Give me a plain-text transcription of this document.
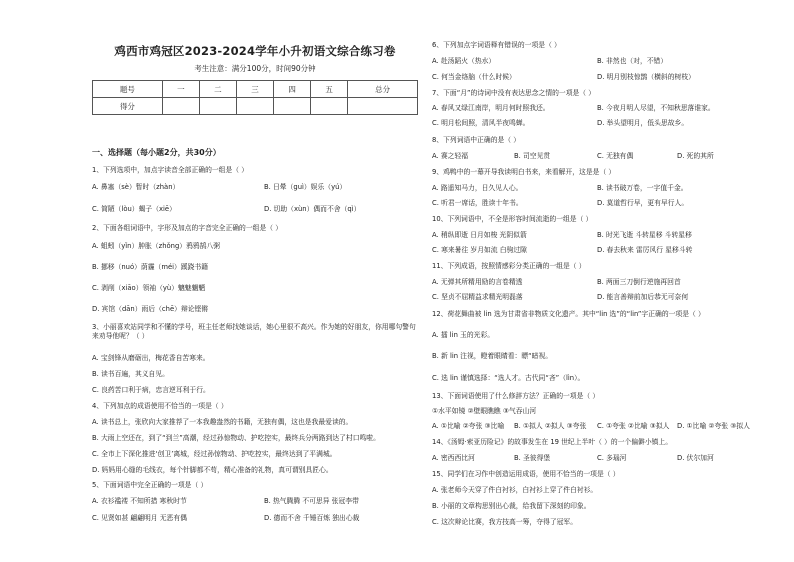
鸡西市鸡冠区2023-2024学年小升初语文综合练习卷
考生注意：满分100分，时间90分钟
题号	一	二	三	四	五	总分
得分						
一、选择题（每小题2分，共30分）
1、下列选项中，加点字读音全部正确的一组是（ ）
A. 鼻塞（sè）暂时（zhàn）	B. 日晕（guì）娱乐（yú）
C. 简陋（lòu）蝎子（xiē）	D. 切助（xùn）偶而不舍（qì）
2、下面各组词语中，字形及加点的字音完全正确的一组是（ ）
A. 蛆蚓（yǐn）肿胀（zhǒng）鸦鸦鹄八粥
B. 挪移（nuó）荫霾（méi）蹊跷书籍
C. 剥削（xiāo）领袖（yù）魑魅魍魉
D. 宾馆（dān）雨后（chē）辩论铿锵
3、小丽喜欢站同学和不懂的学号，班主任老师找她谈话，她心里很不高兴。作为她的好朋友，你用哪句警句来劝导他呢？（ ）
A. 宝剑锋从磨砺出，梅花香自苦寒来。
B. 读书百遍，其义自见。
C. 良药苦口利于病，忠言逆耳利于行。
4、下列加点的成语使用不恰当的一项是（ ）
A. 读书总上，张欣向大家推荐了一本我趣盎然的书籍，无独有偶，这也是我最爱读的。
B. 大雨上空还在，到了“到兰”高潮，经过孙惊物动、护吃控实，最终兵分两路到达了村口鸣啦。
C. 全市上下深化推进‘创卫’离城，经过孙惊物动、护吃控实，最终达到了平满城。
D. 妈妈用心缝的毛线衣，每个针脚都不苟，精心准备的礼物，真可谓别具匠心。
5、下面词语中完全正确的一项是（ ）
A. 衣衫褴褛 不知所措 寒秋时节	B. 热气腾腾 不可思异 张冠李带
C. 见贤如甚 翩翩明月 无恶有偶	D. 德而不舍 千锤百炼 独出心裁
6、下列加点字词语释有错误的一项是（ ）
A. 赴汤蹈火（热水）	B. 非然也（对，不错）
C. 何当金络脑（什么时候）	D. 明月别枝惊鹊（横斜的树枝）
7、下面“月”的诗词中没有表达思念之情的一项是（ ）
A. 春风又绿江南岸，明月何时照我还。	B. 今夜月明人尽望，不知秋思落谁家。
C. 明月松间照，清风半夜鸣蝉。	D. 举头望明月，低头思故乡。
8、下列词语中正确的是（ ）
A. 赛之轻福	B. 司空见贯	C. 无独有偶	D. 死的其所
9、鸡鸭中的一幕开导我读明白书来，来看解开，这是是（ ）
A. 路遥知马力，日久见人心。	B. 读书破万卷，一字值千金。
C. 听君一席话，胜读十年书。	D. 莫道哲行早，更有早行人。
10、下列词语中，不全是形容时间流逝的一组是（ ）
A. 稍纵即逝 日月如梭 光阴似箭	B. 时光飞逝 斗转星移 斗转星移
C. 寒来暑往 岁月如流 白驹过隙	D. 春去秋来 雷厉风行 星移斗转
11、下列成语，按照情感彩分类正确的一组是（ ）
A. 无弹其所精用励的言卷精透	B. 两面三刀倒行逆施再回首
C. 坚贞不屈精益求精光明磊落	D. 能言善辩前加后恭无可奈何
12、荷花舞曲被 lin 选为甘肃省非物质文化遗产。其中“lin 选”的“lin”字正确的一项是（ ）
A. 擂 lin 玉的光彩。
B. 新 lin 注视，瞪着眼睛看：瞟“暗视。
C. 选 lin 谨慎选择：“选人才。古代同“吝”（lìn）。
13、下面词语使用了什么修辞方法？正确的一项是（ ）
①水平如镜 ②壁眼瞧瞧 ③气吞山河
A. ①比喻 ②夸张 ③比喻 B. ①拟人 ②拟人 ③夸张 C. ①夸张 ②比喻 ③拟人 D. ①比喻 ②夸张 ③拟人
14、《汤姆·索亚历险记》的故事发生在 19 世纪上半叶（ ）的一个偏僻小镇上。
A. 密西西比河	B. 圣彼得堡	C. 多瑙河	D. 伏尔加河
15、同学们在习作中创造运用成语，使用不恰当的一项是（ ）
A. 张老师今天穿了件白衬衫，白衬衫上穿了件白衬衫。
B. 小丽的文章构思别出心裁，给我留下深刻的印象。
C. 这次辩论比赛，我方技高一筹，夺得了冠军。
